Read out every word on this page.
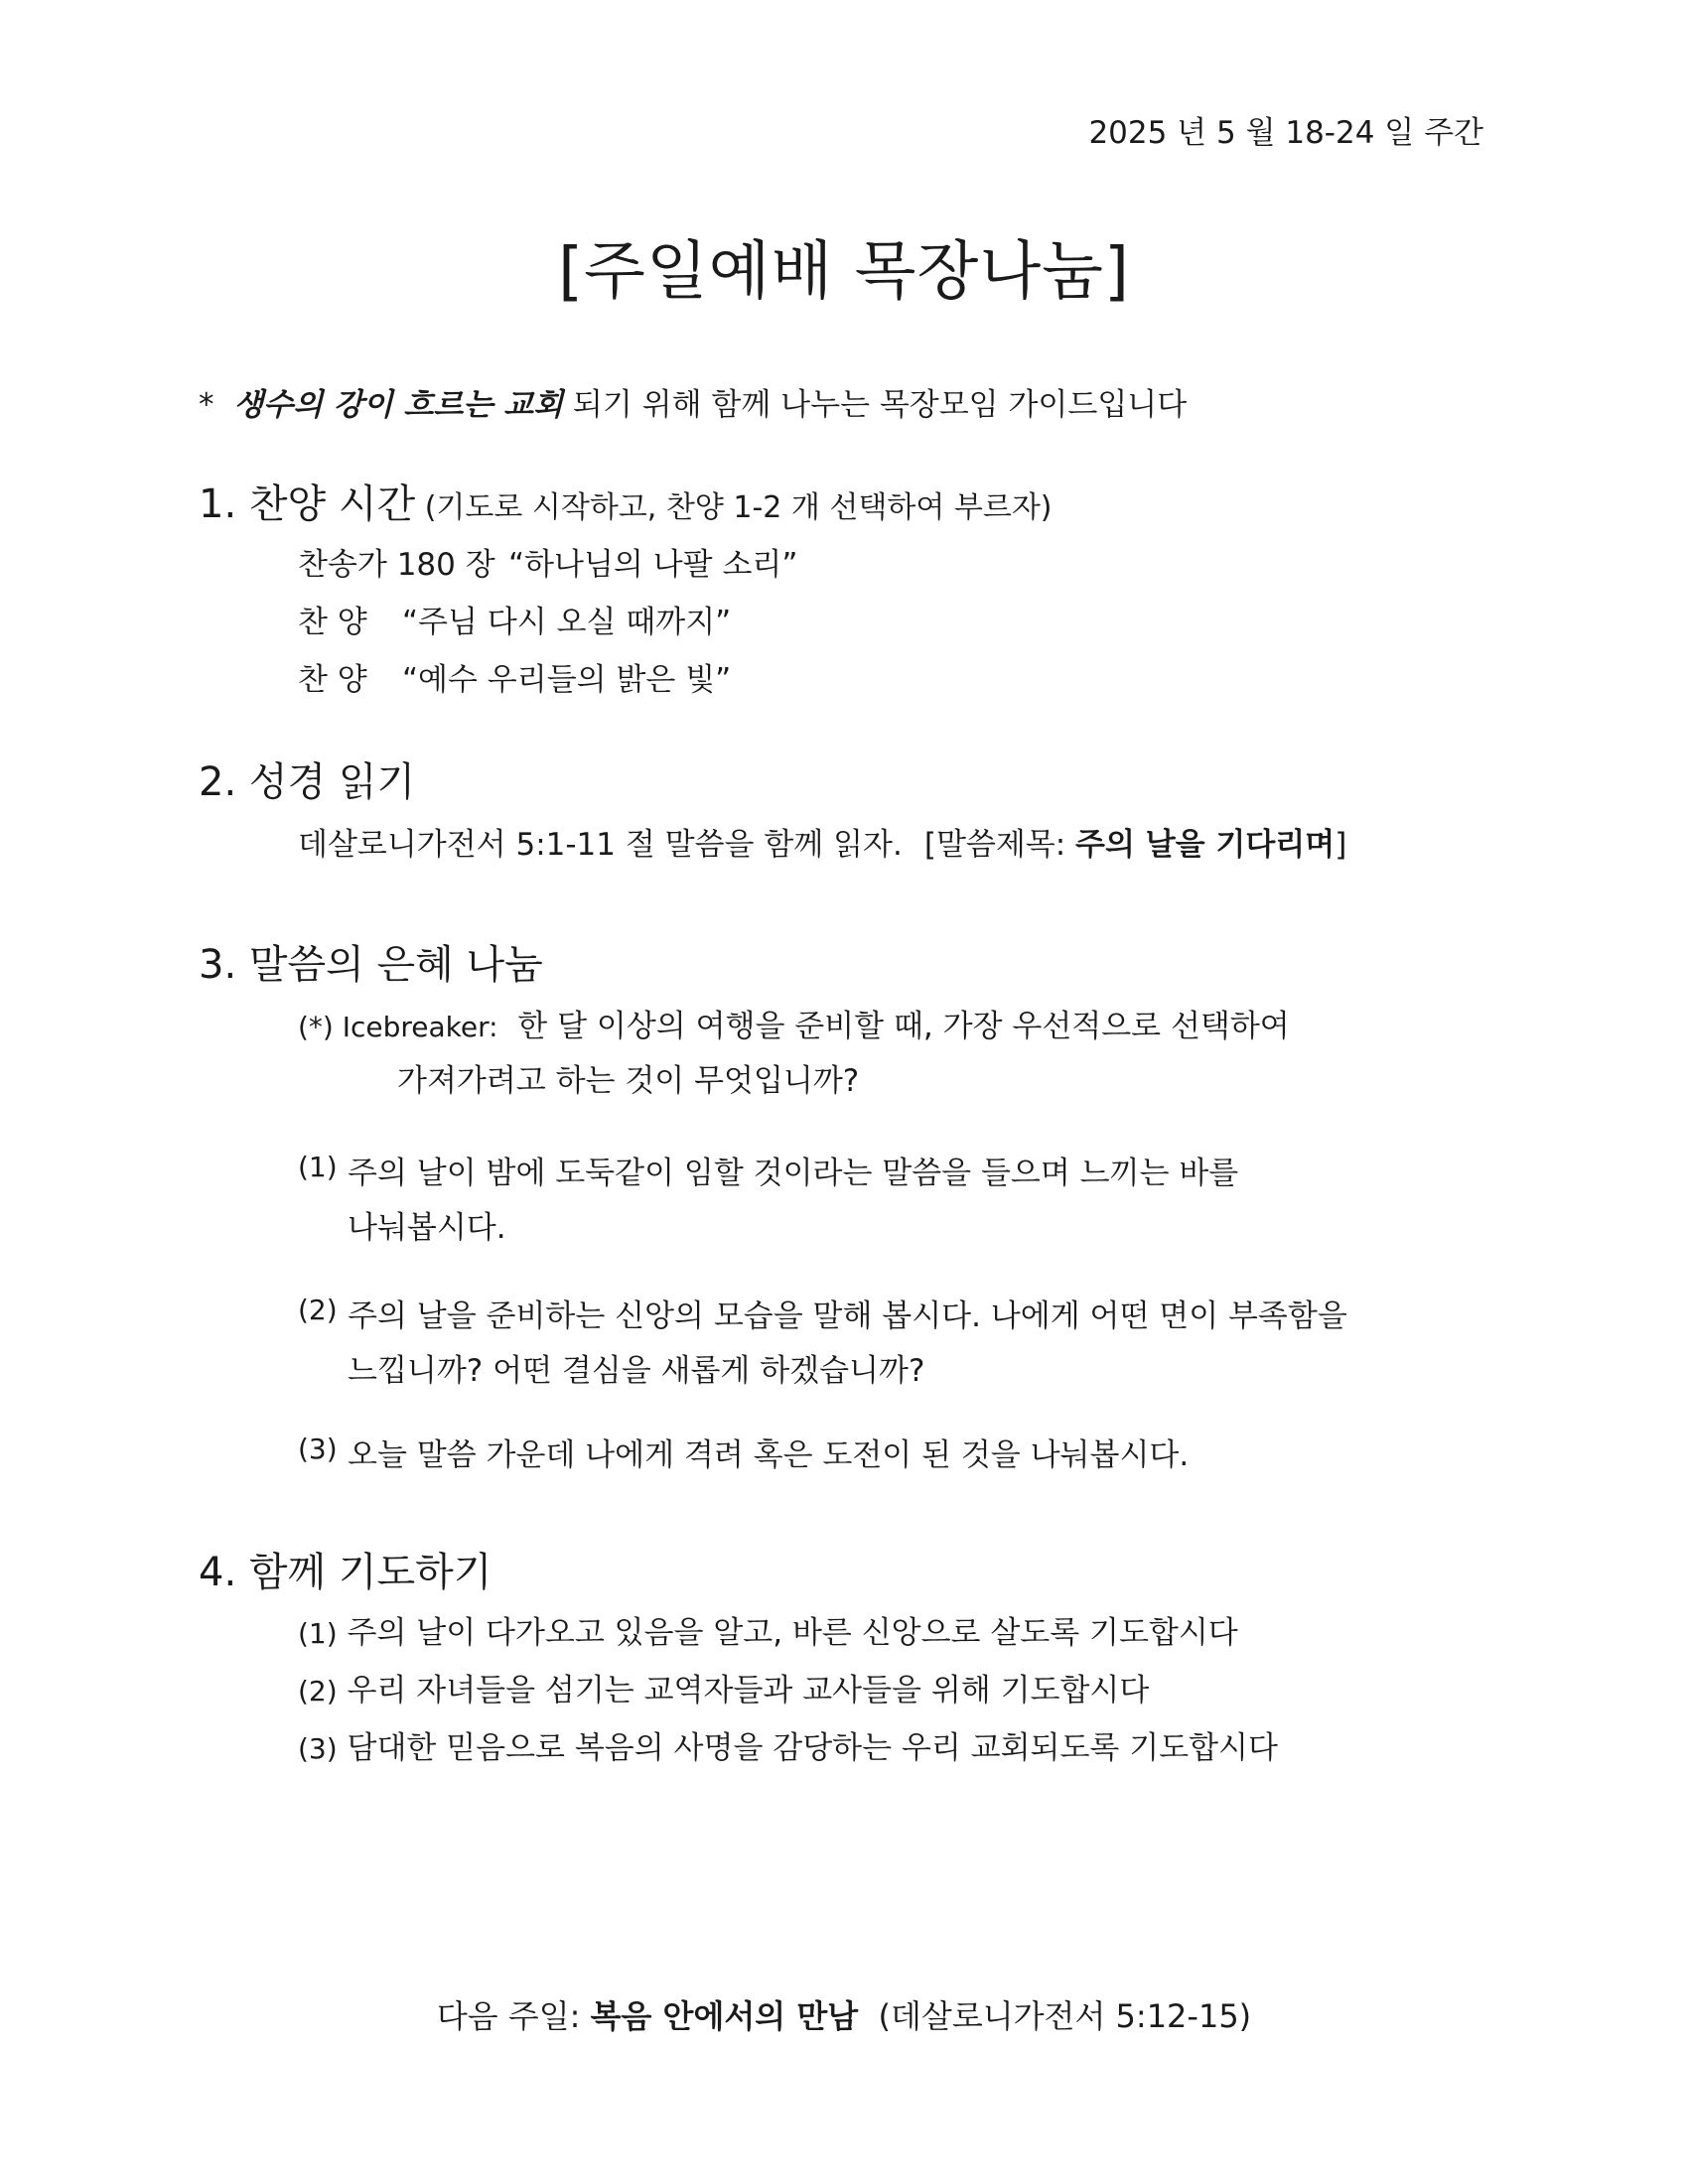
2025 년 5 월 18-24 일 주간
[주일예배 목장나눔]
* 생수의 강이 흐르는 교회 되기 위해 함께 나누는 목장모임 가이드입니다
1. 찬양 시간 (기도로 시작하고, 찬양 1-2 개 선택하여 부르자)
찬송가 180 장 “하나님의 나팔 소리”
찬 양 “주님 다시 오실 때까지”
찬 양 “예수 우리들의 밝은 빛”
2. 성경 읽기
데살로니가전서 5:1-11 절 말씀을 함께 읽자. [말씀제목: 주의 날을 기다리며]
3. 말씀의 은혜 나눔
(*) Icebreaker: 한 달 이상의 여행을 준비할 때, 가장 우선적으로 선택하여
가져가려고 하는 것이 무엇입니까?
(1) 주의 날이 밤에 도둑같이 임할 것이라는 말씀을 들으며 느끼는 바를
나눠봅시다.
(2) 주의 날을 준비하는 신앙의 모습을 말해 봅시다. 나에게 어떤 면이 부족함을
느낍니까? 어떤 결심을 새롭게 하겠습니까?
(3) 오늘 말씀 가운데 나에게 격려 혹은 도전이 된 것을 나눠봅시다.
4. 함께 기도하기
(1) 주의 날이 다가오고 있음을 알고, 바른 신앙으로 살도록 기도합시다
(2) 우리 자녀들을 섬기는 교역자들과 교사들을 위해 기도합시다
(3) 담대한 믿음으로 복음의 사명을 감당하는 우리 교회되도록 기도합시다
다음 주일: 복음 안에서의 만남  (데살로니가전서 5:12-15)
